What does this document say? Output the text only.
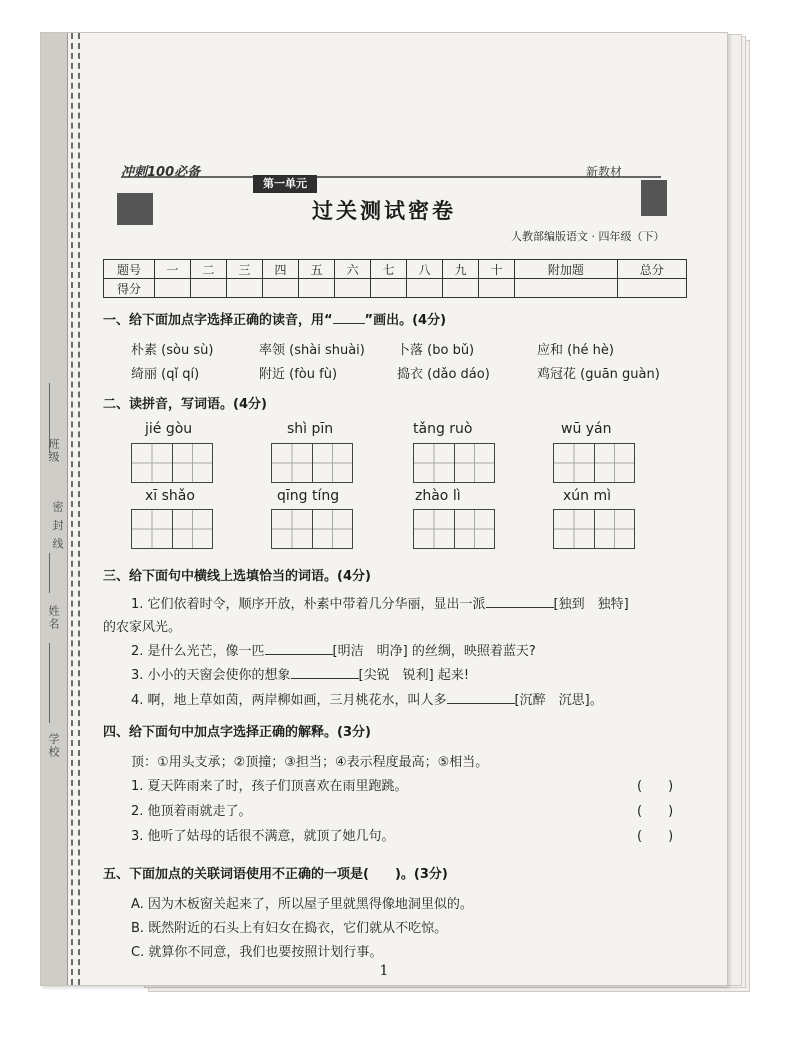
班级
密 封 线
姓名
学校
冲刺100必备
第一单元
新教材
过关测试密卷
人教部编版语文 · 四年级（下）
题号	一	二	三	四	五	六	七	八	九	十	附加题	总分
得分												
一、给下面加点字选择正确的读音，用“ ”画出。(4分)
朴素 (sòu sù)	率领 (shài shuài) 卜落 (bo bǔ)	应和 (hé hè)
绮丽 (qǐ qí)	附近 (fòu fù)	捣衣 (dǎo dáo)	鸡冠花 (guān guàn)
二、读拼音，写词语。(4分)
jié gòu	shì pīn	tǎng ruò	wū yán
xī shǎo	qīng tíng	zhào lì	xún mì
三、给下面句中横线上选填恰当的词语。(4分)
1. 它们依着时令，顺序开放，朴素中带着几分华丽，显出一派	[独到　独特]
的农家风光。
2. 是什么光芒，像一匹	[明洁　明净] 的丝绸，映照着蓝天?
3. 小小的天窗会使你的想象	[尖锐　锐利] 起来!
4. 啊，地上草如茵，两岸柳如画，三月桃花水，叫人多	[沉醉　沉思]。
四、给下面句中加点字选择正确的解释。(3分)
顶：①用头支承；②顶撞；③担当；④表示程度最高；⑤相当。
1. 夏天阵雨来了时，孩子们顶喜欢在雨里跑跳。	(　　)
2. 他顶着雨就走了。	(　　)
3. 他听了姑母的话很不满意，就顶了她几句。	(　　)
五、下面加点的关联词语使用不正确的一项是(　　)。(3分)
A. 因为木板窗关起来了，所以屋子里就黑得像地洞里似的。
B. 既然附近的石头上有妇女在捣衣，它们就从不吃惊。
C. 就算你不同意，我们也要按照计划行事。
1
